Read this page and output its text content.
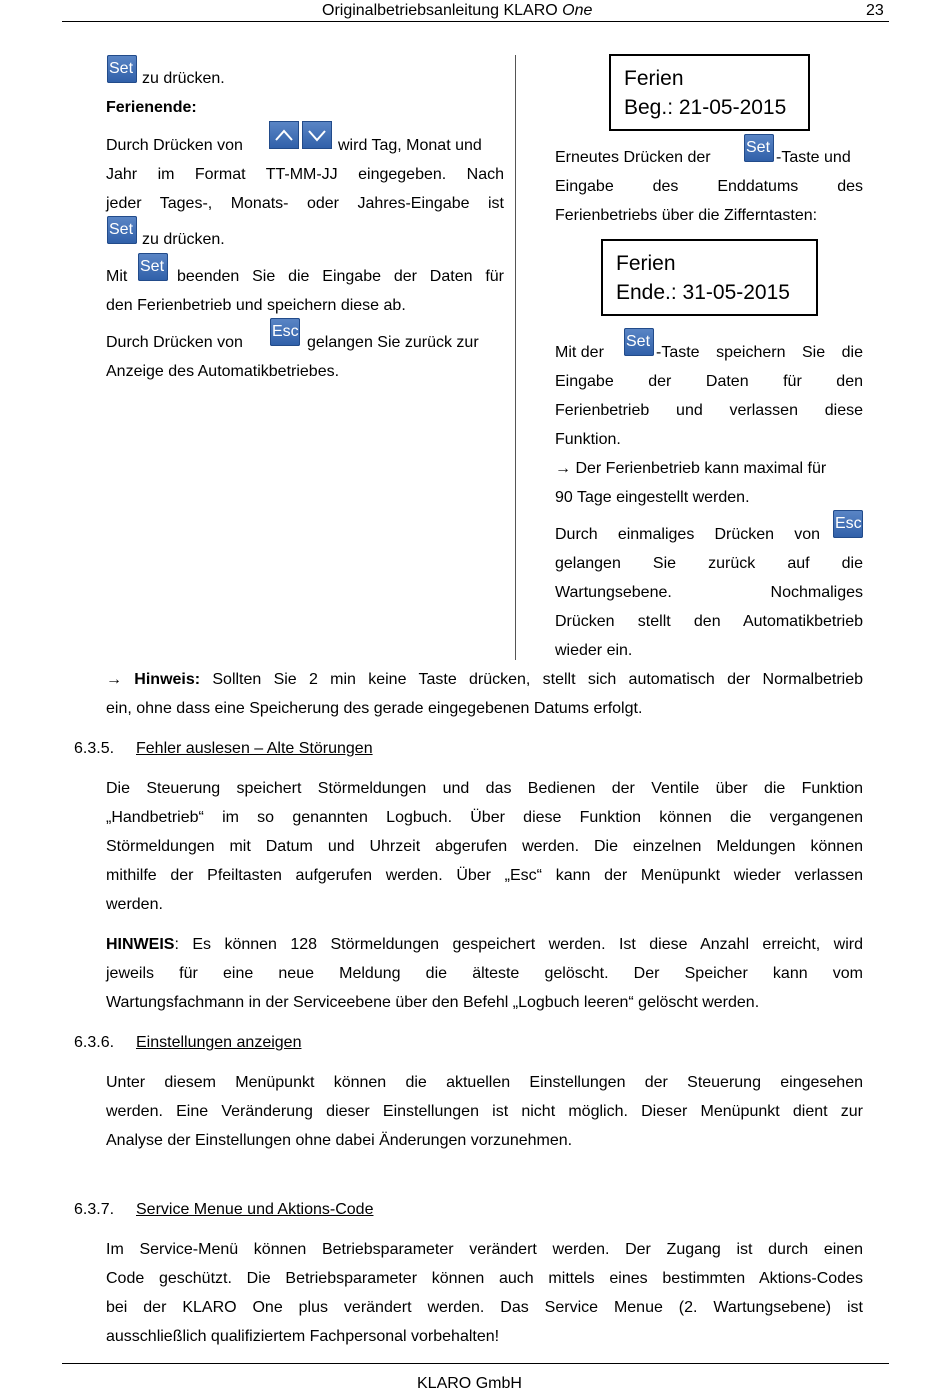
Originalbetriebsanleitung KLARO One	23
Set
zu drücken.
Ferienende:
Durch Drücken von	wird Tag, Monat und
Jahr im Format TT-MM-JJ eingegeben. Nach
jeder Tages-, Monats- oder Jahres-Eingabe ist
Set
zu drücken.
Mit
Set
beenden Sie die Eingabe der Daten für
den Ferienbetrieb und speichern diese ab.
Durch Drücken von
Esc
gelangen Sie zurück zur
Anzeige des Automatikbetriebes.
Ferien
Beg.: 21-05-2015
Erneutes Drücken der
Set
-Taste und
Eingabe des Enddatums des
Ferienbetriebs über die Zifferntasten:
Ferien
Ende.: 31-05-2015
Mit der
Set
-Taste speichern Sie die
Eingabe der Daten für den
Ferienbetrieb und verlassen diese
Funktion.
→ Der Ferienbetrieb kann maximal für
90 Tage eingestellt werden.
Durch einmaliges Drücken von
Esc
gelangen Sie zurück auf die
Wartungsebene. Nochmaliges
Drücken stellt den Automatikbetrieb
wieder ein.
→ Hinweis: Sollten Sie 2 min keine Taste drücken, stellt sich automatisch der Normalbetrieb
ein, ohne dass eine Speicherung des gerade eingegebenen Datums erfolgt.
6.3.5. Fehler auslesen – Alte Störungen
Die Steuerung speichert Störmeldungen und das Bedienen der Ventile über die Funktion
„Handbetrieb“ im so genannten Logbuch. Über diese Funktion können die vergangenen
Störmeldungen mit Datum und Uhrzeit abgerufen werden. Die einzelnen Meldungen können
mithilfe der Pfeiltasten aufgerufen werden. Über „Esc“ kann der Menüpunkt wieder verlassen
werden.
HINWEIS: Es können 128 Störmeldungen gespeichert werden. Ist diese Anzahl erreicht, wird
jeweils für eine neue Meldung die älteste gelöscht. Der Speicher kann vom
Wartungsfachmann in der Serviceebene über den Befehl „Logbuch leeren“ gelöscht werden.
6.3.6. Einstellungen anzeigen
Unter diesem Menüpunkt können die aktuellen Einstellungen der Steuerung eingesehen
werden. Eine Veränderung dieser Einstellungen ist nicht möglich. Dieser Menüpunkt dient zur
Analyse der Einstellungen ohne dabei Änderungen vorzunehmen.
6.3.7. Service Menue und Aktions-Code
Im Service-Menü können Betriebsparameter verändert werden. Der Zugang ist durch einen
Code geschützt. Die Betriebsparameter können auch mittels eines bestimmten Aktions-Codes
bei der KLARO One plus verändert werden. Das Service Menue (2. Wartungsebene) ist
ausschließlich qualifiziertem Fachpersonal vorbehalten!
KLARO GmbH
